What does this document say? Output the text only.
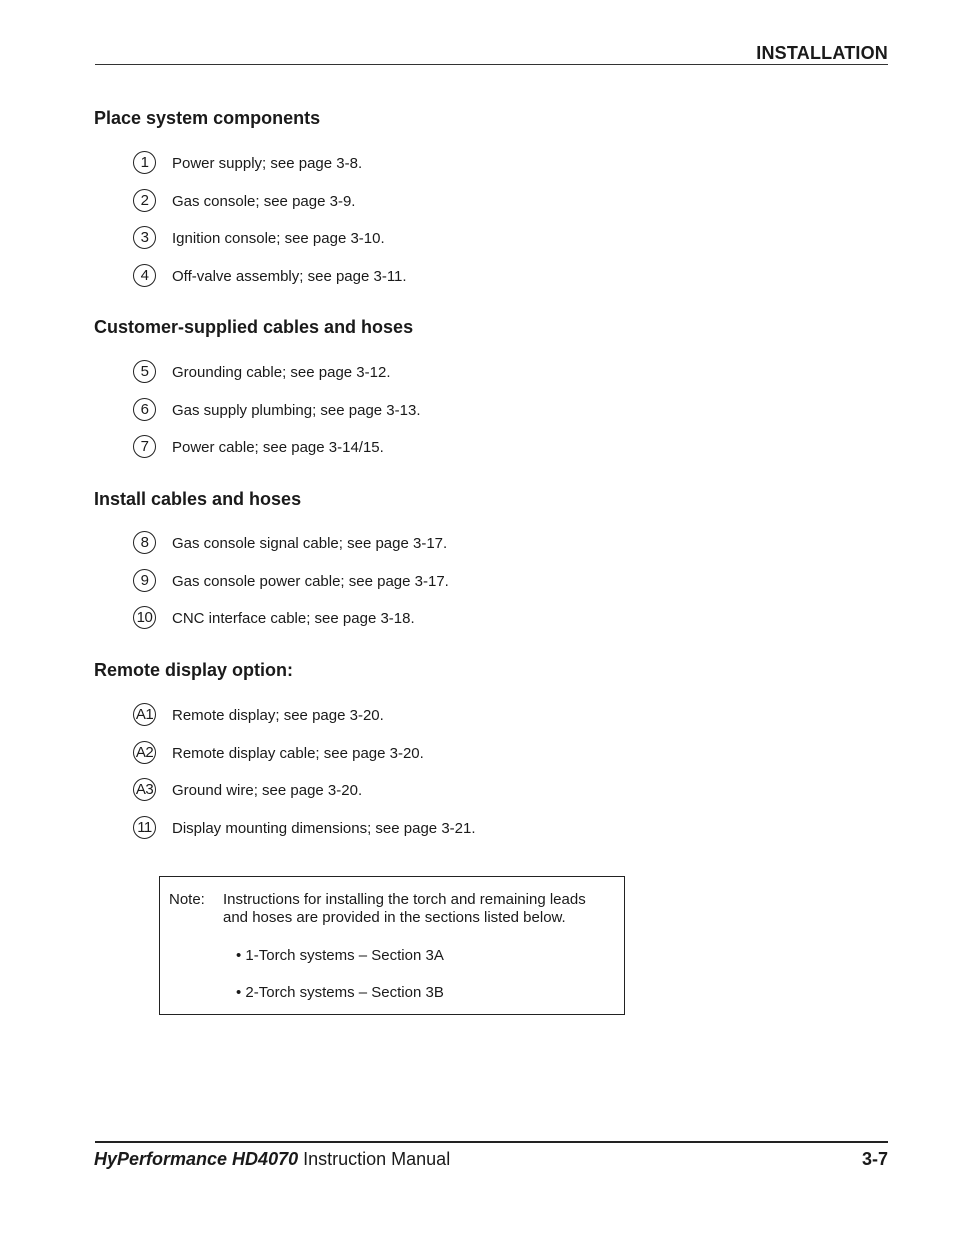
INSTALLATION
Place system components
1	Power supply; see page 3-8.
2	Gas console; see page 3-9.
3	Ignition console; see page 3-10.
4	Off-valve assembly; see page 3-11.
Customer-supplied cables and hoses
5	Grounding cable; see page 3-12.
6	Gas supply plumbing; see page 3-13.
7	Power cable; see page 3-14/15.
Install cables and hoses
8	Gas console signal cable; see page 3-17.
9	Gas console power cable; see page 3-17.
10 CNC interface cable; see page 3-18.
Remote display option:
A1 Remote display; see page 3-20.
A2 Remote display cable; see page 3-20.
A3 Ground wire; see page 3-20.
11 Display mounting dimensions; see page 3-21.
Note: Instructions for installing the torch and remaining leads and hoses are provided in the sections listed below.
• 1-Torch systems – Section 3A
• 2-Torch systems – Section 3B
HyPerformance HD4070 Instruction Manual	3-7
